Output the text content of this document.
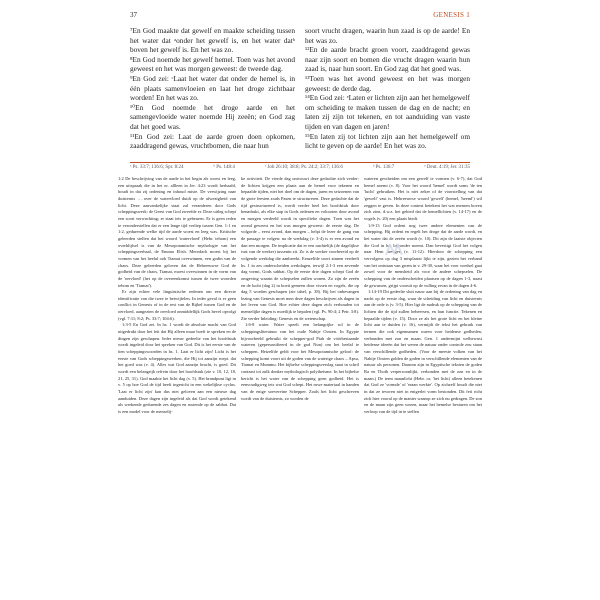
37	GENESIS 1

⁷En God maakte dat gewelf en maakte scheiding tussen het water dat ᵃonder het gewelf is, en het water datᵇ boven het gewelf is. En het was zo.

⁸En God noemde het gewelf hemel. Toen was het avond geweest en het was morgen geweest: de tweede dag.

⁹En God zei: ᶜLaat het water dat onder de hemel is, in één plaats samenvloeien en laat het droge zichtbaar worden! En het was zo.

¹⁰En God noemde het droge aarde en het samengevloeide water noemde Hij zeeën; en God zag dat het goed was.

¹¹En God zei: Laat de aarde groen doen opkomen, zaaddragend gewas, vruchtbomen, die naar hun

soort vrucht dragen, waarin hun zaad is op de aarde! En het was zo.

¹²En de aarde bracht groen voort, zaaddragend gewas naar zijn soort en bomen die vrucht dragen waarin hun zaad is, naar hun soort. En God zag dat het goed was.

¹³Toen was het avond geweest en het was morgen geweest: de derde dag.

¹⁴En God zei: ᵉLaten er lichten zijn aan het hemelgewelf om scheiding te maken tussen de dag en de nacht; en laten zij zijn tot tekenen, en tot aanduiding van vaste tijden en van dagen en jaren!

¹⁵En laten zij tot lichten zijn aan het hemelgewelf om licht te geven op de aarde! En het was zo.

ᵃ Ps. 33:7; 136:6; Spr. 8:24	ᵇ Ps. 148:4	ᶜ Job 26:10; 38:8; Ps. 24:2; 33:7; 136:6	ᵈ Ps. 136:7	ᵉ Deut. 4:19; Jer. 31:35

1:2 De beschrijving van de aarde in het begin als woest en leeg, een uitspraak die in het or. allleen in Jer. 4:23 wordt herhaald, houdt in dat zij ordening en inhoud miste. De verwijzing naar duisternis … over de watervloed duidt op de afwezigheid van licht. Deze aanvankelijke staat zal veranderen door Gods scheppingswerk: de Geest van God zweefde er. Deze uitleg schept een soort verwachting; er staat iets te gebeuren. Er is geen reden te veronderstellen dat er een lange tijd verliep tussen Gen. 1:1 en 1:2, gedurende welke tijd de aarde woest en leeg was. Kritische geleerden stellen dat het woord 'watervloed' (Hebr. tehom) een overblijfsel is van de Mesopotamische mythologie van het scheppingsverhaal, de Enuma Elish. Merodach moest bij het vormen van het heelal ook Tiamat overwinnen, een godin van de chaos. Deze geleerden geloven dat de Hebreeuwse God de godheid van de chaos, Tiamat, moest overwinnen in de vorm van de 'oervloed' (het op de overeenkomst tussen de twee woorden tehom en 'Tiamat').

Er zijn echter vele linguïstische redenen om een directe identificatie van die twee te betwijfelen. In ieder geval is er geen conflict in Genesis of in de rest van de Bijbel tussen God en de oervloed, aangezien de oervloed onmiddellijk Gods bevel opvolgt (vgl. 7:11; 8:2; Ps. 33:7; 104:6).

1:3-5 En God zei. In hs. 1 wordt de absolute macht van God uitgedrukt door het feit dat Hij alleen maar hoeft te spreken en de dingen zijn geschapen. Ieder nieuw gedeelte van het hoofdstuk wordt ingeleid door het spreken van God. Dit is het eerste van de tien scheppingswoorden in hs. 1. Laat er licht zijn! Licht is het eerste van Gods scheppingswerken, die Hij tot aanzijn roept. dat het goed was (v. 4). Alles wat God aanzijn bracht, is goed. Dit wordt een belangrijk refrein door het hoofdstuk (zie v. 10, 12, 18, 21, 25, 31). God maakte het licht dag (v. 5). Het brandpunt ligt in v. 5 op hoe God de tijd heeft ingericht in een wekelijkse cyclus. 'Laat er licht zijn' kan dus niet geloven aan een nieuwe dag aanduiden. Deze dagen zijn ingeleid als dat God wordt getekend als werkende gedurende zes dagen en rustende op de sabbat. Dat is een model voor de menselij-

ke activiteit. De vierde dag ontvouwt deze gedachte zich verder: de lichten krijgen een plaats aan de hemel voor tekenen en bepaalde tijden, niet het doel om de dagen, jaren en seizoenen van de grote feesten zoals Pasen te structureren. Deze gedachte dat de tijd gestructureerd is, wordt verder heel het hoofdstuk door benadrukt, als elke stap in Gods ordenen en voltooien door avond en morgen verdeeld wordt in specifieke dagen. Toen was het avond geweest en het was morgen geweest: de eerste dag. De volgorde – eerst avond, dan morgen – helpt de lezer de gang van de passage te volgen: na de werkdag (v. 3-4) is er een avond en dan een morgen. De implicatie dat er een nachtelijk (de dagelijkse rust van de werker) tussenin zit. Zo is de werker voorbereid op de volgende werkdag die aanbreekt. Eenzelfde soort zinnen verdeelt hs. 1 in zes onderscheiden werkdagen, terwijl 2:1-3 een zevende dag vormt, Gods sabbat. Op de eerste drie dagen schept God de omgeving waarin de schepselen zullen wonen. Zo zijn de zeeën en de lucht (dag 2) in boeit gemeen door vissen en vogels, die op dag 5 worden geschapen (zie tabel, p. 38). Bij het onbevangen lezing van Genesis moet men deze dagen beschrijven als dagen in het leven van God. Hoe echter deze dagen zich verhouden tot menselijke dagen is moeilijk te bepalen (vgl. Ps. 90:4; 2 Petr. 3:8). Zie verder Inleiding: Genesis en de wetenschap.

1:6-8 water. Water speelt een belangrijke rol in de scheppingsliteratuur van het oude Nabije Oosten. In Egypte bijvoorbeeld gebruikt de schepper-god Ptah de vóórbestaande wateren (gepersonifieerd in de god Nun) om het heelal te scheppen. Hetzelfde geldt voor het Mesopotamische geloof: de schepping komt voort uit de goden van de waterige chaos – Apsu, Tiamat en Mummu. Het bijbelse scheppingsverslag staat in schril contrast tot zulk donker mythologisch polytheïsme. In het bijbelse bericht is het water van de schepping geen godheid. Het is eenvoudigweg iets wat God schept. Het ruwe materiaal in handen van de enige soevereine Schepper. Zoals het licht geschreven wordt van de duisternis, zo worden de

wateren gescheiden om een gewelf te vormen (v. 6-7), dat God hemel noemt (v. 8). Voor het woord 'hemel' wordt soms 'de ten 'lucht' gebruiken. Het is niet zeker of de voorstelling van dat 'gewelf' vast is. Hebreeuwse woord 'gewelf' (hemel, 'heeml') wil zeggen te geven. In deze context betekent het wat mensen boven zich zien, d.w.z. het gebied dat de hemellichten (v. 14-17) en de vogels (v. 20) een plaats biedt.

1:9-13 God ordent nog twee andere elementen van de schepping. Hij ordent en regelt het droge dat de aarde wordt, en het water dat de zeeën wordt (v. 10). Dit zijn de laatste objecten die God in het bijzonder noemt. Dan bevestigt God het volgen naar Hem brengen (v. 11-12). Hierdoor de schepping een vervolgens op dag 3 misplaatst lijkt te zijn, gezien het verband van het ontstaan van groen in v. 29-30, waar het voor voedsel gaat zowel voor de mensheid als voor de andere schepselen. De schepping van de onderscheiden plaatsen op de dagen 1-3, naast de gewassen, grijpt vooruit op de vulling ervan in de dagen 4-6.

1:14-19 Dit gedeelte sluit nauw aan bij de ordening van dag en nacht op de eerste dag, waar de scheiding van licht en duisternis aan de orde is (v. 3-5). Hier ligt de nadruk op de schepping van de lichten die de tijd zullen beheersen, en hun functie. Tekenen en bepaalde tijden (v. 15). Door ze als het grote licht en het kleine licht aan te duiden (v. 16), vermijdt de tekst het gebruik van termen die ook eigennamen waren voor heidense godheden, verbonden met zon en maan. Gen. 1 ondermijnt welbewust heidense ideeën dat het weren de natuur onder controle zou staan van verschillende godheden. (Voor de meeste volken van het Nabije Oosten golden de goden in verschillende elementen van de natuur als personen. Daarom zijn in Egyptische teksten de goden Ra en Thoth verpersoonlijkt, verbonden met de zon en in de maan.) De term maanlicht (Hebr. or, 'het licht) alleen betekenen dat God ze 'vormde' of 'eraan werkte'. Op zichzelf houdt die niet in dat ze tevoren niet in enigerlei vorm bestonden. Dit feit richt zich hier vooral op de manier waarop ze zich nu gedragen. De zon en de maan zijn geen wezen, maar het hemelse besturen om het verloop van de tijd in te stellen
